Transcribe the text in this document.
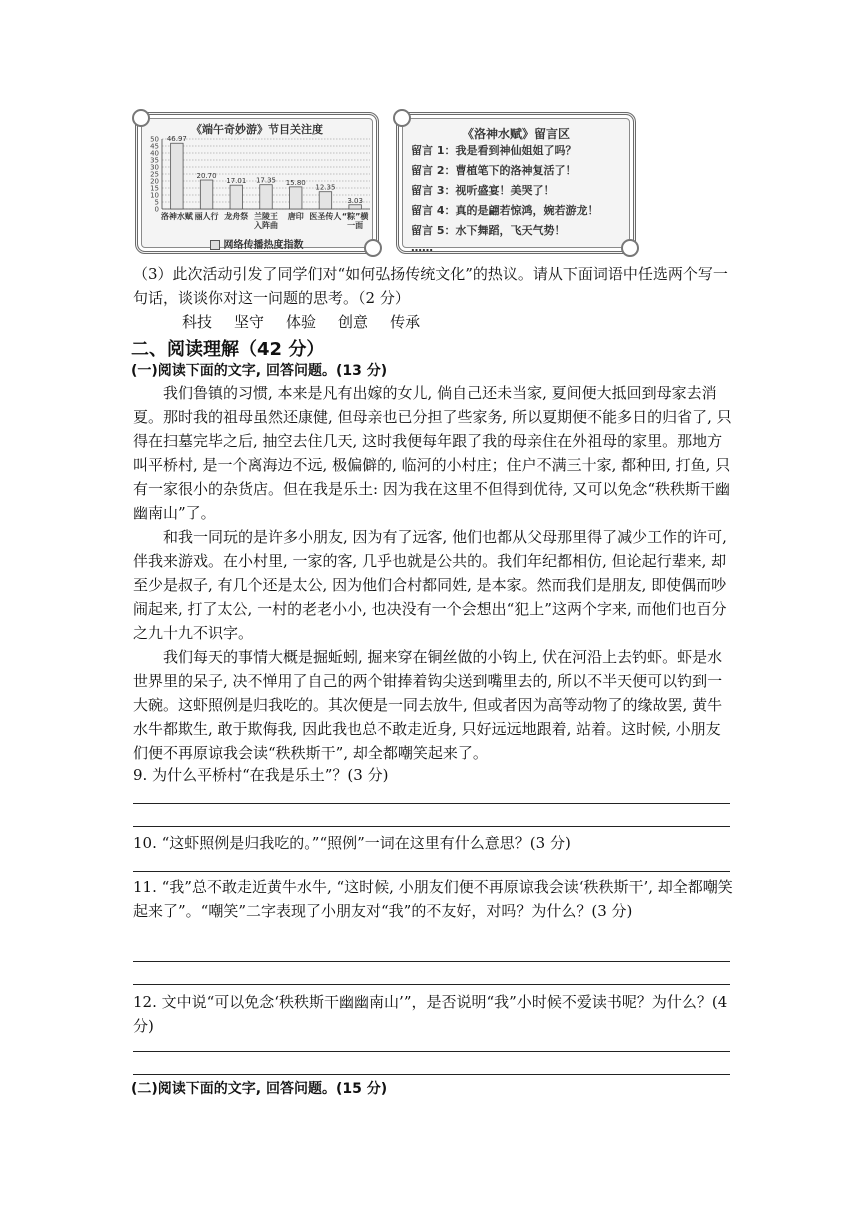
《端午奇妙游》节目关注度
50
45
40
35
30
25
20
15
10
5
0
46.97
洛神水赋
20.70
丽人行
17.01
龙舟祭
17.35
兰陵王
入阵曲
15.80
唐印
12.35
医圣传人
3.03
“粽”横
一面
网络传播热度指数
《洛神水赋》留言区
留言 1：我是看到神仙姐姐了吗？
留言 2：曹植笔下的洛神复活了！
留言 3：视听盛宴！美哭了！
留言 4：真的是翩若惊鸿，婉若游龙！
留言 5：水下舞蹈，飞天气势！
……
（3）此次活动引发了同学们对“如何弘扬传统文化”的热议。请从下面词语中任选两个写一句话，谈谈你对这一问题的思考。（2 分）
科技 坚守 体验 创意 传承
二、阅读理解（42 分）
(一)阅读下面的文字, 回答问题。(13 分)
我们鲁镇的习惯, 本来是凡有出嫁的女儿, 倘自己还未当家, 夏间便大抵回到母家去消夏。那时我的祖母虽然还康健, 但母亲也已分担了些家务, 所以夏期便不能多日的归省了, 只得在扫墓完毕之后, 抽空去住几天, 这时我便每年跟了我的母亲住在外祖母的家里。那地方叫平桥村, 是一个离海边不远, 极偏僻的, 临河的小村庄；住户不满三十家, 都种田, 打鱼, 只有一家很小的杂货店。但在我是乐土: 因为我在这里不但得到优待, 又可以免念“秩秩斯干幽幽南山”了。
和我一同玩的是许多小朋友, 因为有了远客, 他们也都从父母那里得了减少工作的许可, 伴我来游戏。在小村里, 一家的客, 几乎也就是公共的。我们年纪都相仿, 但论起行辈来, 却至少是叔子, 有几个还是太公, 因为他们合村都同姓, 是本家。然而我们是朋友, 即使偶而吵闹起来, 打了太公, 一村的老老小小, 也决没有一个会想出“犯上”这两个字来, 而他们也百分之九十九不识字。
我们每天的事情大概是掘蚯蚓, 掘来穿在铜丝做的小钩上, 伏在河沿上去钓虾。虾是水世界里的呆子, 决不惮用了自己的两个钳捧着钩尖送到嘴里去的, 所以不半天便可以钓到一大碗。这虾照例是归我吃的。其次便是一同去放牛, 但或者因为高等动物了的缘故罢, 黄牛水牛都欺生, 敢于欺侮我, 因此我也总不敢走近身, 只好远远地跟着, 站着。这时候, 小朋友们便不再原谅我会读“秩秩斯干”, 却全都嘲笑起来了。
9. 为什么平桥村“在我是乐土”？(3 分)
10. “这虾照例是归我吃的。”“照例”一词在这里有什么意思？(3 分)
11. “我”总不敢走近黄牛水牛, “这时候, 小朋友们便不再原谅我会读‘秩秩斯干’, 却全都嘲笑起来了”。“嘲笑”二字表现了小朋友对“我”的不友好，对吗？为什么？(3 分)
12. 文中说“可以免念‘秩秩斯干幽幽南山’”，是否说明“我”小时候不爱读书呢？为什么？(4 分)
(二)阅读下面的文字, 回答问题。(15 分)
